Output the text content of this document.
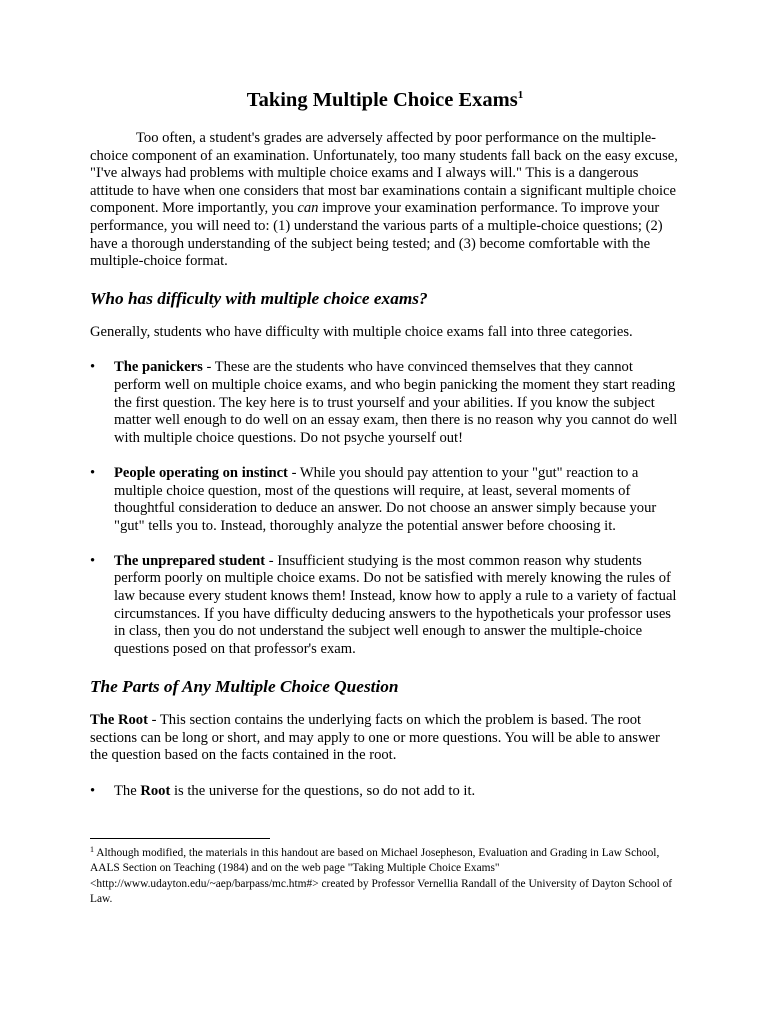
Taking Multiple Choice Exams$^1$

Too often, a student's grades are adversely affected by poor performance on the multiple-choice component of an examination. Unfortunately, too many students fall back on the easy excuse, "I've always had problems with multiple choice exams and I always will." This is a dangerous attitude to have when one considers that most bar examinations contain a significant multiple choice component. More importantly, you can improve your examination performance. To improve your performance, you will need to: (1) understand the various parts of a multiple-choice questions; (2) have a thorough understanding of the subject being tested; and (3) become comfortable with the multiple-choice format.

Who has difficulty with multiple choice exams?

Generally, students who have difficulty with multiple choice exams fall into three categories.

•	The panickers - These are the students who have convinced themselves that they cannot perform well on multiple choice exams, and who begin panicking the moment they start reading the first question. The key here is to trust yourself and your abilities. If you know the subject matter well enough to do well on an essay exam, then there is no reason why you cannot do well with multiple choice questions. Do not psyche yourself out!
•	People operating on instinct - While you should pay attention to your "gut" reaction to a multiple choice question, most of the questions will require, at least, several moments of thoughtful consideration to deduce an answer. Do not choose an answer simply because your "gut" tells you to. Instead, thoroughly analyze the potential answer before choosing it.
•	The unprepared student - Insufficient studying is the most common reason why students perform poorly on multiple choice exams. Do not be satisfied with merely knowing the rules of law because every student knows them! Instead, know how to apply a rule to a variety of factual circumstances. If you have difficulty deducing answers to the hypotheticals your professor uses in class, then you do not understand the subject well enough to answer the multiple-choice questions posed on that professor's exam.
The Parts of Any Multiple Choice Question

The Root - This section contains the underlying facts on which the problem is based. The root sections can be long or short, and may apply to one or more questions. You will be able to answer the question based on the facts contained in the root.

•	The Root is the universe for the questions, so do not add to it.

$^1$ Although modified, the materials in this handout are based on Michael Josepheson, Evaluation and Grading in Law School, AALS Section on Teaching (1984) and on the web page "Taking Multiple Choice Exams" <http://www.udayton.edu/~aep/barpass/mc.htm#> created by Professor Vernellia Randall of the University of Dayton School of Law.
